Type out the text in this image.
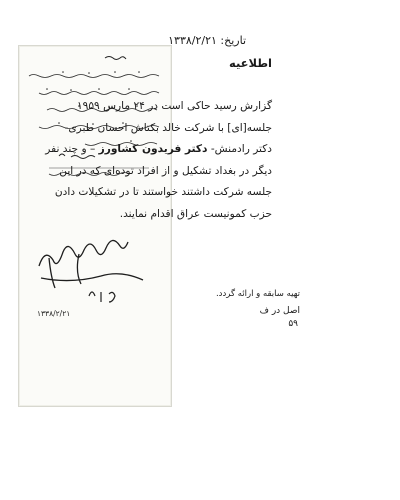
۱۳۳۸/۲/۲۱
تاریخ: ۱۳۳۸/۲/۲۱
اطلاعیه
گزارش رسید حاکی است در ۲۴ مارس ۱۹۵۹
جلسه[ای] با شرکت خالد بکتاش احسان طبری-
دکتر رادمنش- دکتر فریدون کشاورز – و چند نفر
دیگر در بغداد تشکیل و از افراد توده‌ای که در این
جلسه شرکت داشتند خواستند تا در تشکیلات دادن
حزب کمونیست عراق اقدام نمایند.
تهیه سابقه و ارائه گردد.
اصل در ف
۵۹
